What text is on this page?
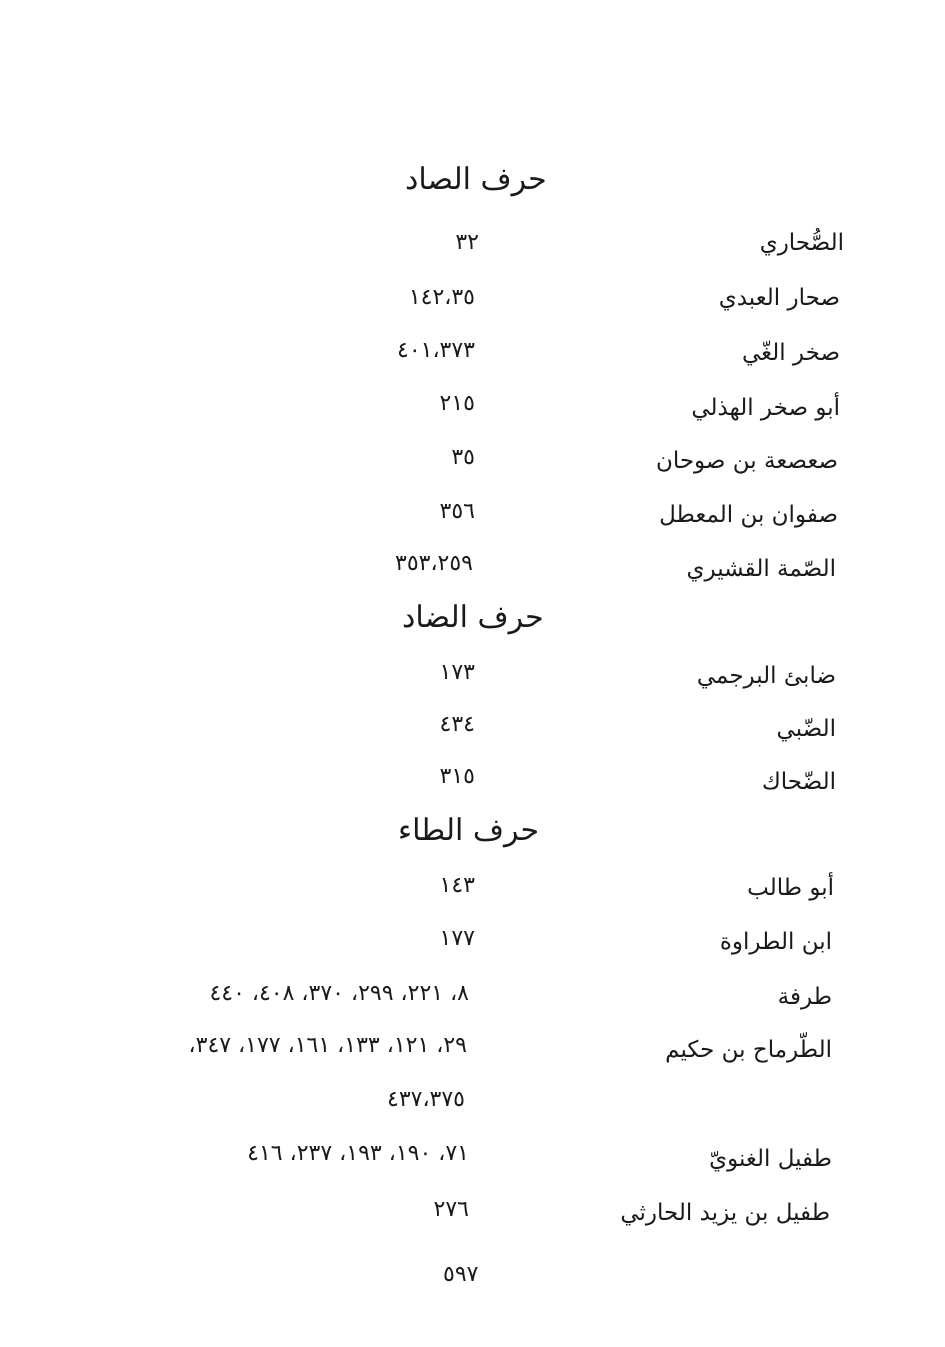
حرف الصاد
الصُّحاري
٣٢
صحار العبدي
١٤٢،٣٥
صخر الغّي
٤٠١،٣٧٣
أبو صخر الهذلي
٢١٥
صعصعة بن صوحان
٣٥
صفوان بن المعطل
٣٥٦
الصّمة القشيري
٣٥٣،٢٥٩
حرف الضاد
ضابئ البرجمي
١٧٣
الضّبي
٤٣٤
الضّحاك
٣١٥
حرف الطاء
أبو طالب
١٤٣
ابن الطراوة
١٧٧
طرفة
٨، ٢٢١، ٢٩٩، ٣٧٠، ٤٠٨، ٤٤٠
الطّرماح بن حكيم
٢٩، ١٢١، ١٣٣، ١٦١، ١٧٧، ٣٤٧،
٤٣٧،٣٧٥
طفيل الغنويّ
٧١، ١٩٠، ١٩٣، ٢٣٧، ٤١٦
طفيل بن يزيد الحارثي
٢٧٦
٥٩٧
